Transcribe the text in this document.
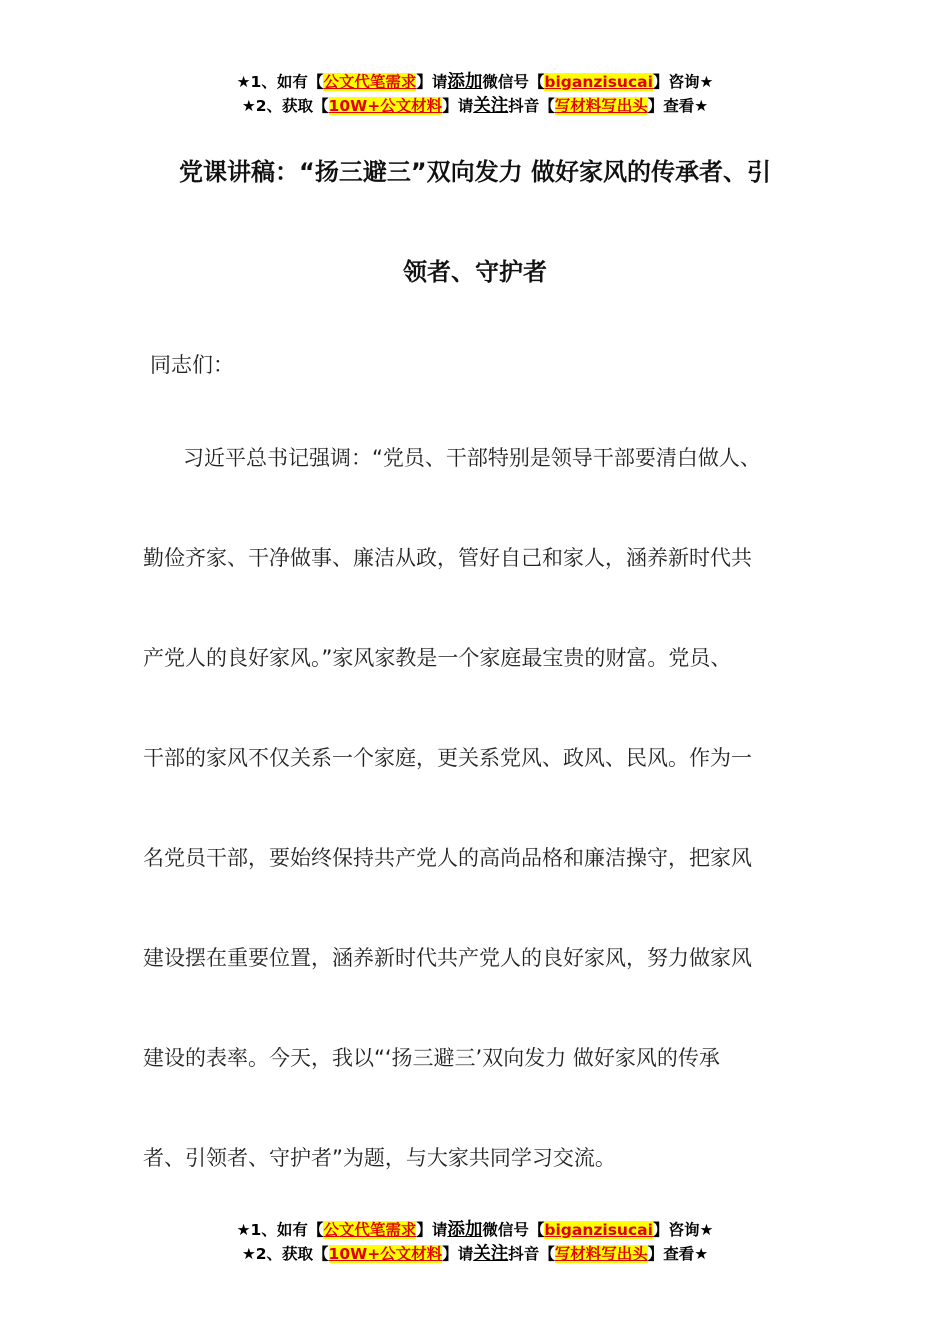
★1、如有【公文代笔需求】请添加微信号【biganzisucai】咨询★
★2、获取【10W+公文材料】请关注抖音【写材料写出头】查看★
党课讲稿：“扬三避三”双向发力 做好家风的传承者、引
领者、守护者
同志们：
习近平总书记强调：“党员、干部特别是领导干部要清白做人、
勤俭齐家、干净做事、廉洁从政，管好自己和家人，涵养新时代共
产党人的良好家风。”家风家教是一个家庭最宝贵的财富。党员、
干部的家风不仅关系一个家庭，更关系党风、政风、民风。作为一
名党员干部，要始终保持共产党人的高尚品格和廉洁操守，把家风
建设摆在重要位置，涵养新时代共产党人的良好家风，努力做家风
建设的表率。今天，我以“‘扬三避三’双向发力 做好家风的传承
者、引领者、守护者”为题，与大家共同学习交流。
★1、如有【公文代笔需求】请添加微信号【biganzisucai】咨询★
★2、获取【10W+公文材料】请关注抖音【写材料写出头】查看★
